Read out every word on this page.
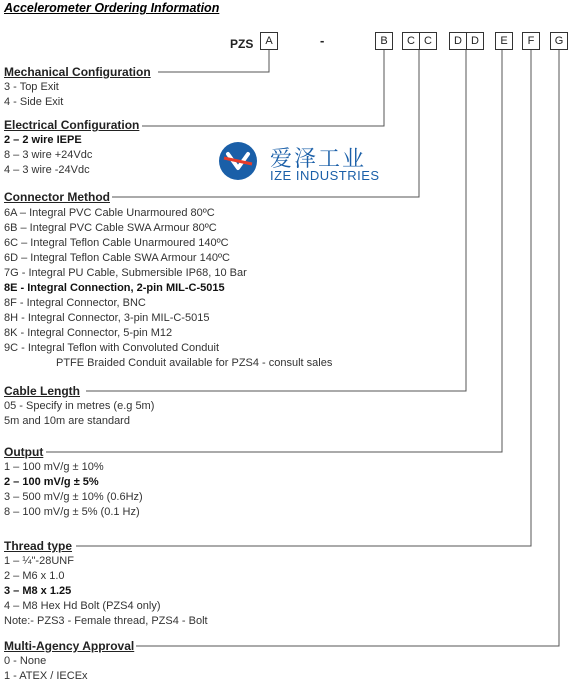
Accelerometer Ordering Information
PZS	A	-	B	C C	D D	E	F	G
爱泽工业
IZE INDUSTRIES
Mechanical Configuration
3 - Top Exit
4 - Side Exit
Electrical Configuration
2 – 2 wire IEPE
8 – 3 wire +24Vdc
4 – 3 wire -24Vdc
Connector Method
6A – Integral PVC Cable Unarmoured 80ºC
6B – Integral PVC Cable SWA Armour 80ºC
6C – Integral Teflon Cable Unarmoured 140ºC
6D – Integral Teflon Cable SWA Armour 140ºC
7G - Integral PU Cable, Submersible IP68, 10 Bar
8E - Integral Connection, 2-pin MIL-C-5015
8F - Integral Connector, BNC
8H - Integral Connector, 3-pin MIL-C-5015
8K - Integral Connector, 5-pin M12
9C - Integral Teflon with Convoluted Conduit
PTFE Braided Conduit available for PZS4 - consult sales
Cable Length
05 - Specify in metres (e.g 5m)
5m and 10m are standard
Output
1 – 100 mV/g ± 10%
2 – 100 mV/g ± 5%
3 – 500 mV/g ± 10% (0.6Hz)
8 – 100 mV/g ± 5% (0.1 Hz)
Thread type
1 – ¼"-28UNF
2 – M6 x 1.0
3 – M8 x 1.25
4 – M8 Hex Hd Bolt (PZS4 only)
Note:- PZS3 - Female thread, PZS4 - Bolt
Multi-Agency Approval
0 - None
1 - ATEX / IECEx
